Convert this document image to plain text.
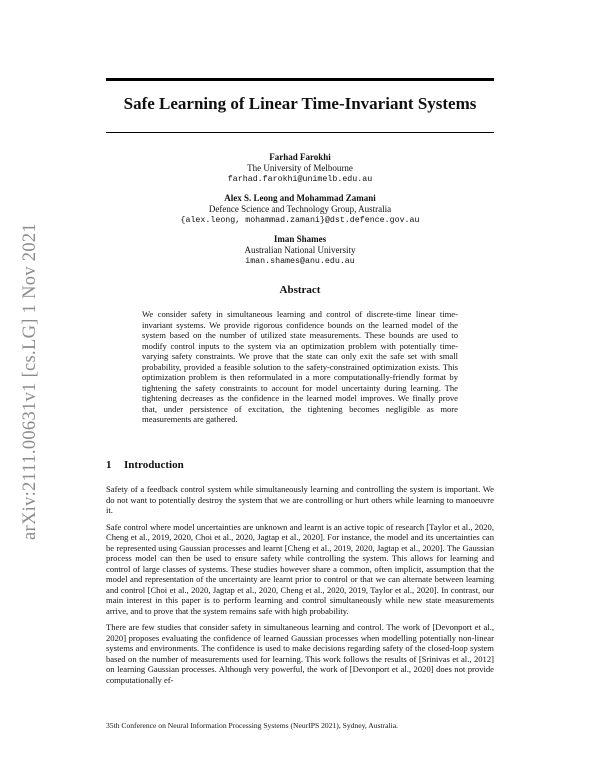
arXiv:2111.00631v1 [cs.LG] 1 Nov 2021
Safe Learning of Linear Time-Invariant Systems
Farhad Farokhi
The University of Melbourne
farhad.farokhi@unimelb.edu.au
Alex S. Leong and Mohammad Zamani
Defence Science and Technology Group, Australia
{alex.leong, mohammad.zamani}@dst.defence.gov.au
Iman Shames
Australian National University
iman.shames@anu.edu.au
Abstract

We consider safety in simultaneous learning and control of discrete-time linear time-invariant systems. We provide rigorous confidence bounds on the learned model of the system based on the number of utilized state measurements. These bounds are used to modify control inputs to the system via an optimization problem with potentially time-varying safety constraints. We prove that the state can only exit the safe set with small probability, provided a feasible solution to the safety-constrained optimization exists. This optimization problem is then reformulated in a more computationally-friendly format by tightening the safety constraints to account for model uncertainty during learning. The tightening decreases as the confidence in the learned model improves. We finally prove that, under persistence of excitation, the tightening becomes negligible as more measurements are gathered.

1 Introduction

Safety of a feedback control system while simultaneously learning and controlling the system is important. We do not want to potentially destroy the system that we are controlling or hurt others while learning to manoeuvre it.

Safe control where model uncertainties are unknown and learnt is an active topic of research [Taylor et al., 2020, Cheng et al., 2019, 2020, Choi et al., 2020, Jagtap et al., 2020]. For instance, the model and its uncertainties can be represented using Gaussian processes and learnt [Cheng et al., 2019, 2020, Jagtap et al., 2020]. The Gaussian process model can then be used to ensure safety while controlling the system. This allows for learning and control of large classes of systems. These studies however share a common, often implicit, assumption that the model and representation of the uncertainty are learnt prior to control or that we can alternate between learning and control [Choi et al., 2020, Jagtap et al., 2020, Cheng et al., 2020, 2019, Taylor et al., 2020]. In contrast, our main interest in this paper is to perform learning and control simultaneously while new state measurements arrive, and to prove that the system remains safe with high probability.

There are few studies that consider safety in simultaneous learning and control. The work of [Devonport et al., 2020] proposes evaluating the confidence of learned Gaussian processes when modelling potentially non-linear systems and environments. The confidence is used to make decisions regarding safety of the closed-loop system based on the number of measurements used for learning. This work follows the results of [Srinivas et al., 2012] on learning Gaussian processes. Although very powerful, the work of [Devonport et al., 2020] does not provide computationally ef-

35th Conference on Neural Information Processing Systems (NeurIPS 2021), Sydney, Australia.
